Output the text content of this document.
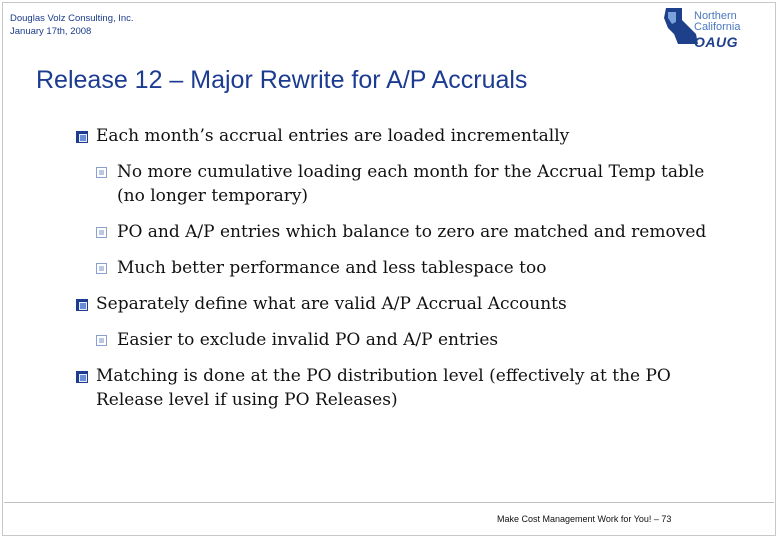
Douglas Volz Consulting, Inc.
January 17th, 2008
Northern
California
OAUG
Release 12 – Major Rewrite for A/P Accruals
Each month’s accrual entries are loaded incrementally
No more cumulative loading each month for the Accrual Temp table (no longer temporary)
PO and A/P entries which balance to zero are matched and removed
Much better performance and less tablespace too
Separately define what are valid A/P Accrual Accounts
Easier to exclude invalid PO and A/P entries
Matching is done at the PO distribution level (effectively at the PO Release level if using PO Releases)
Make Cost Management Work for You! – 73
